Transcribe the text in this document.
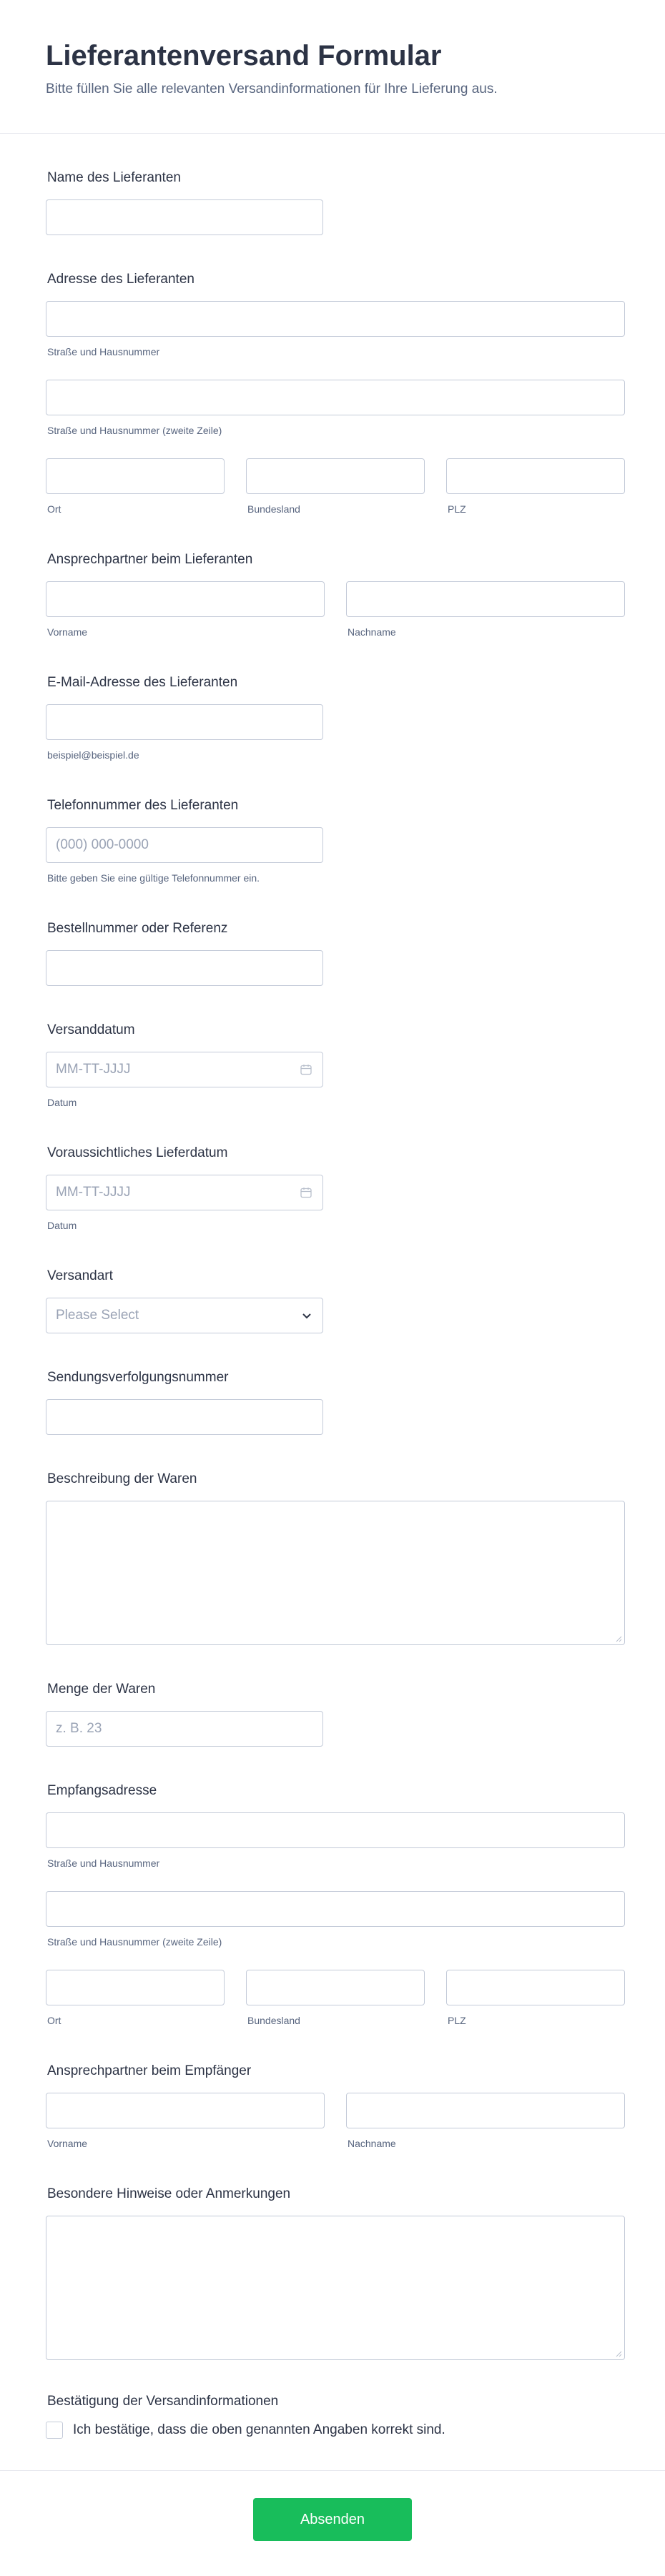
Lieferantenversand Formular
Bitte füllen Sie alle relevanten Versandinformationen für Ihre Lieferung aus.
Name des Lieferanten
Adresse des Lieferanten
Straße und Hausnummer
Straße und Hausnummer (zweite Zeile)
Ort	Bundesland	PLZ
Ansprechpartner beim Lieferanten
Vorname	Nachname
E-Mail-Adresse des Lieferanten
beispiel@beispiel.de
Telefonnummer des Lieferanten
(000) 000-0000
Bitte geben Sie eine gültige Telefonnummer ein.
Bestellnummer oder Referenz
Versanddatum
MM-TT-JJJJ
Datum
Voraussichtliches Lieferdatum
MM-TT-JJJJ
Datum
Versandart
Please Select
Sendungsverfolgungsnummer
Beschreibung der Waren
Menge der Waren
z. B. 23
Empfangsadresse
Straße und Hausnummer
Straße und Hausnummer (zweite Zeile)
Ort	Bundesland	PLZ
Ansprechpartner beim Empfänger
Vorname	Nachname
Besondere Hinweise oder Anmerkungen
Bestätigung der Versandinformationen
Ich bestätige, dass die oben genannten Angaben korrekt sind.
Absenden
